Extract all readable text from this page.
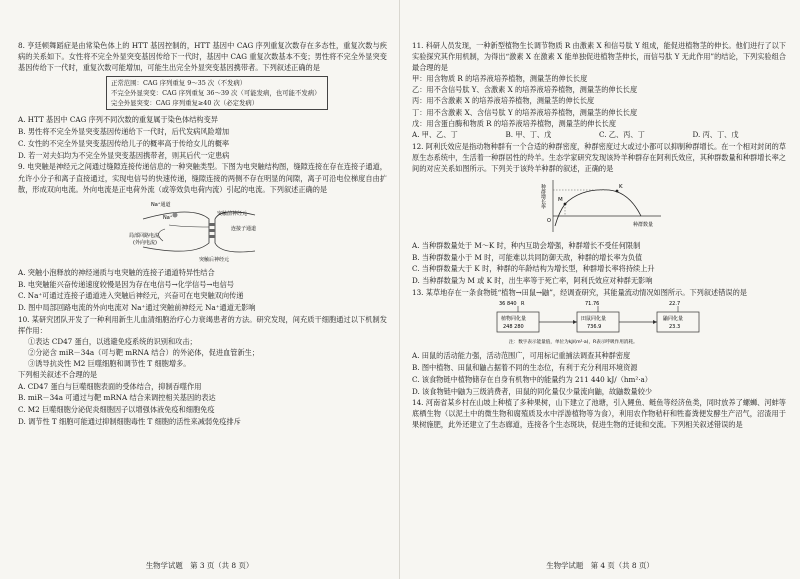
8. 亨廷顿舞蹈症是由常染色体上的 HTT 基因控制的，HTT 基因中 CAG 序列重复次数存在多态性，重复次数与疾病的关系如下。女性将不完全外显突变基因传给下一代时，基因中 CAG 重复次数基本不变；男性将不完全外显突变基因传给下一代时，重复次数可能增加，可能生出完全外显突变基因携带者。下列叙述正确的是

正常范围：CAG 序列重复 9～35 次（不发病）
不完全外显突变：CAG 序列重复 36～39 次（可能发病，也可能不发病）
完全外显突变：CAG 序列重复≥40 次（必定发病）
A. HTT 基因中 CAG 序列不同次数的重复属于染色体结构变异
B. 男性将不完全外显突变基因传递给下一代时，后代发病风险增加
C. 女性的不完全外显突变基因传给儿子的概率高于传给女儿的概率
D. 若一对夫妇均为不完全外显突变基因携带者，则其后代一定患病

9. 电突触是神经元之间通过缝隙连接传递信息的一种突触类型。下图为电突触结构图，缝隙连接在存在连接子通道，允许小分子和离子直接通过，实现电信号的快速传递，缝隙连接的两侧不存在明显的间隙，离子可沿电位梯度自由扩散，形成双向电流。外向电流是正电荷外流（或等效负电荷内流）引起的电流。下列叙述正确的是

Na⁺通道
Na⁺
突触前神经元
连接子通道
局部回路电流
(外向电流)
突触后神经元
A. 突触小泡释放的神经递质与电突触的连接子通道特异性结合
B. 电突触能兴奋传递速度较慢是因为存在电信号→化学信号→电信号
C. Na⁺可通过连接子通道进入突触后神经元，兴奋可在电突触双向传递
D. 图中局部回路电流的外向电流对 Na⁺通过突触前神经元 Na⁺通道无影响

10. 某研究团队开发了一种利用新生儿血清细胞治疗心力衰竭患者的方法。研究发现，间充质干细胞通过以下机制发挥作用：

①表达 CD47 蛋白，以逃避免疫系统的识别和攻击；

②分泌含 miR－34a（可与靶 mRNA 结合）的外泌体，促进血管新生；

③诱导抗炎性 M2 巨噬细胞和调节性 T 细胞增多。

下列相关叙述不合理的是

A. CD47 蛋白与巨噬细胞表面的受体结合，抑制吞噬作用
B. miR－34a 可通过与靶 mRNA 结合来调控相关基因的表达
C. M2 巨噬细胞分泌促炎细胞因子以增强体液免疫和细胞免疫
D. 调节性 T 细胞可能通过抑制细胞毒性 T 细胞的活性来减弱免疫排斥
生物学试题　第 3 页（共 8 页）

11. 科研人员发现，一种新型植物生长调节物质 R 由激素 X 和信号肽 Y 组成，能促进植物茎的伸长。他们进行了以下实验探究其作用机制，为得出“激素 X 在激素 X 能单独促进植物茎伸长，而信号肽 Y 无此作用”的结论，下列实验组合最合理的是

甲：用含物质 R 的培养液培养植物，测量茎的伸长长度

乙：用不含信号肽 Y、含激素 X 的培养液培养植物，测量茎的伸长长度

丙：用不含激素 X 的培养液培养植物，测量茎的伸长长度

丁：用不含激素 X、含信号肽 Y 的培养液培养植物，测量茎的伸长长度

戊：用含蛋白酶和物质 R 的培养液培养植物，测量茎的伸长长度

A. 甲、乙、丁	B. 甲、丁、戊	C. 乙、丙、丁	D. 丙、丁、戊

12. 阿利氏效应是指动物种群有一个合适的种群密度，种群密度过大或过小都可以抑制种群增长。在一个相对封闭的草原生态系统中，生活着一种群居性的羚羊。生态学家研究发现该羚羊种群存在阿利氏效应，其种群数量和种群增长率之间的对应关系如图所示。下列关于该羚羊种群的叙述，正确的是

种群增长率
种群数量
O
M
K
A. 当种群数量处于 M～K 时，种内互助会增强，种群增长不受任何限制
B. 当种群数量小于 M 时，可能难以共同防御天敌，种群的增长率为负值
C. 当种群数量大于 K 时，种群的年龄结构为增长型，种群增长率将持续上升
D. 当种群数量为 M 或 K 时，出生率等于死亡率，阿利氏效应对种群无影响

13. 某草地存在一条食物链“植物→田鼠→鼬”，经调查研究，其能量流动情况如图所示。下列叙述错误的是

36 840	71.76	22.7
R
植物同化量
248 280
田鼠同化量
736.9
鼬同化量
23.3
注：数字表示能量值，单位为kJ/(m²·a)，R表示呼吸作用消耗。
A. 田鼠的活动能力强，活动范围广，可用标记重捕法调查其种群密度
B. 图中植物、田鼠和鼬占据着不同的生态位，有利于充分利用环境资源
C. 该食物链中植物储存在自身有机物中的能量约为 211 440 kJ/（hm²·a）
D. 该食物链中鼬为三级消费者，田鼠的同化量仅少量流向鼬，故鼬数量较少

14. 河南省某乡村在山坡上种植了多种果树，山下建立了池塘，引入鲤鱼、鲢鱼等经济鱼类，同时放养了螺蛳、河蚌等底栖生物（以泥土中的微生物和腐殖质及水中浮游植物等为食），利用农作物秸秆和牲畜粪便发酵生产沼气，沼渣用于果树施肥，此外还建立了生态廊道，连接各个生态斑块，促进生物的迁徙和交流。下列相关叙述错误的是

生物学试题　第 4 页（共 8 页）
